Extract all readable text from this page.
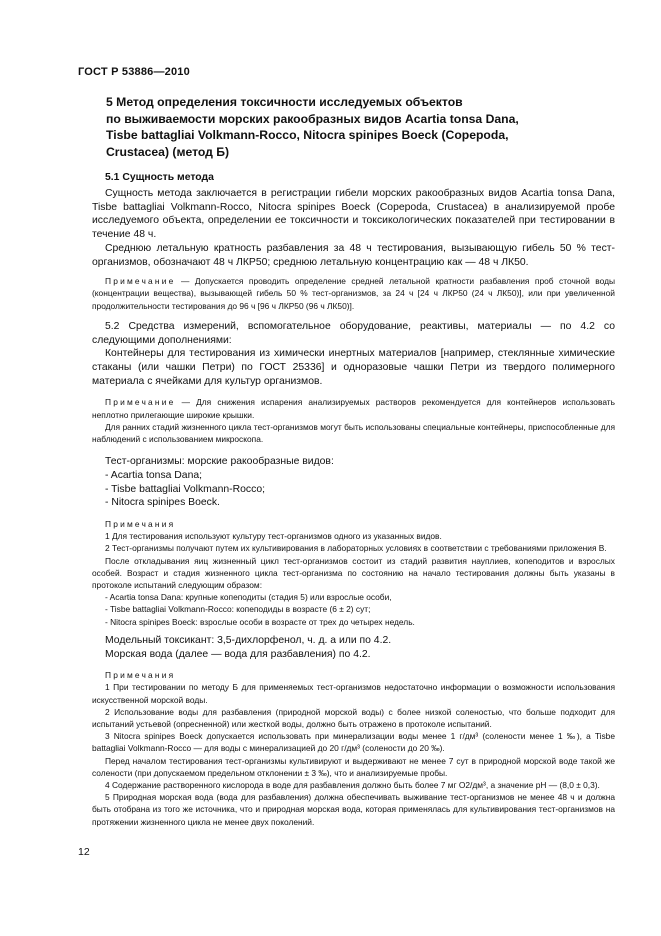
ГОСТ Р 53886—2010
5 Метод определения токсичности исследуемых объектов
по выживаемости морских ракообразных видов Acartia tonsa Dana,
Tisbe battagliai Volkmann-Rocco, Nitocra spinipes Boeck (Copepoda,
Crustacea) (метод Б)

5.1 Сущность метода

Сущность метода заключается в регистрации гибели морских ракообразных видов Acartia tonsa Dana, Tisbe battagliai Volkmann-Rocco, Nitocra spinipes Boeck (Copepoda, Crustacea) в анализируемой пробе исследуемого объекта, определении ее токсичности и токсикологических показателей при тестировании в течение 48 ч.

Среднюю летальную кратность разбавления за 48 ч тестирования, вызывающую гибель 50 % тест-организмов, обозначают 48 ч ЛКР50; среднюю летальную концентрацию как — 48 ч ЛК50.

Примечание — Допускается проводить определение средней летальной кратности разбавления проб сточной воды (концентрации вещества), вызывающей гибель 50 % тест-организмов, за 24 ч [24 ч ЛКР50 (24 ч ЛК50)], или при увеличенной продолжительности тестирования до 96 ч [96 ч ЛКР50 (96 ч ЛК50)].

5.2 Средства измерений, вспомогательное оборудование, реактивы, материалы — по 4.2 со следующими дополнениями:

Контейнеры для тестирования из химически инертных материалов [например, стеклянные химические стаканы (или чашки Петри) по ГОСТ 25336] и одноразовые чашки Петри из твердого полимерного материала с ячейками для культур организмов.

Примечание — Для снижения испарения анализируемых растворов рекомендуется для контейнеров использовать неплотно прилегающие широкие крышки.

Для ранних стадий жизненного цикла тест-организмов могут быть использованы специальные контейнеры, приспособленные для наблюдений с использованием микроскопа.

Тест-организмы: морские ракообразные видов:

- Acartia tonsa Dana;
- Tisbe battagliai Volkmann-Rocco;
- Nitocra spinipes Boeck.

Примечания

1 Для тестирования используют культуру тест-организмов одного из указанных видов.

2 Тест-организмы получают путем их культивирования в лабораторных условиях в соответствии с требованиями приложения В.

После откладывания яиц жизненный цикл тест-организмов состоит из стадий развития науплиев, копеподитов и взрослых особей. Возраст и стадия жизненного цикла тест-организма по состоянию на начало тестирования должны быть указаны в протоколе испытаний следующим образом:

- Acartia tonsa Dana: крупные копеподиты (стадия 5) или взрослые особи,
- Tisbe battagliai Volkmann-Rocco: копеподиды в возрасте (6 ± 2) сут;
- Nitocra spinipes Boeck: взрослые особи в возрасте от трех до четырех недель.

Модельный токсикант: 3,5-дихлорфенол, ч. д. а или по 4.2.

Морская вода (далее — вода для разбавления) по 4.2.

Примечания

1 При тестировании по методу Б для применяемых тест-организмов недостаточно информации о возможности использования искусственной морской воды.

2 Использование воды для разбавления (природной морской воды) с более низкой соленостью, что больше подходит для испытаний устьевой (опресненной) или жесткой воды, должно быть отражено в протоколе испытаний.

3 Nitocra spinipes Boeck допускается использовать при минерализации воды менее 1 г/дм³ (солености менее 1 ‰), а Tisbe battagliai Volkmann-Rocco — для воды с минерализацией до 20 г/дм³ (солености до 20 ‰).

Перед началом тестирования тест-организмы культивируют и выдерживают не менее 7 сут в природной морской воде такой же солености (при допускаемом предельном отклонении ± 3 ‰), что и анализируемые пробы.

4 Содержание растворенного кислорода в воде для разбавления должно быть более 7 мг O2/дм³, а значение pH — (8,0 ± 0,3).

5 Природная морская вода (вода для разбавления) должна обеспечивать выживание тест-организмов не менее 48 ч и должна быть отобрана из того же источника, что и природная морская вода, которая применялась для культивирования тест-организмов на протяжении жизненного цикла не менее двух поколений.

12
